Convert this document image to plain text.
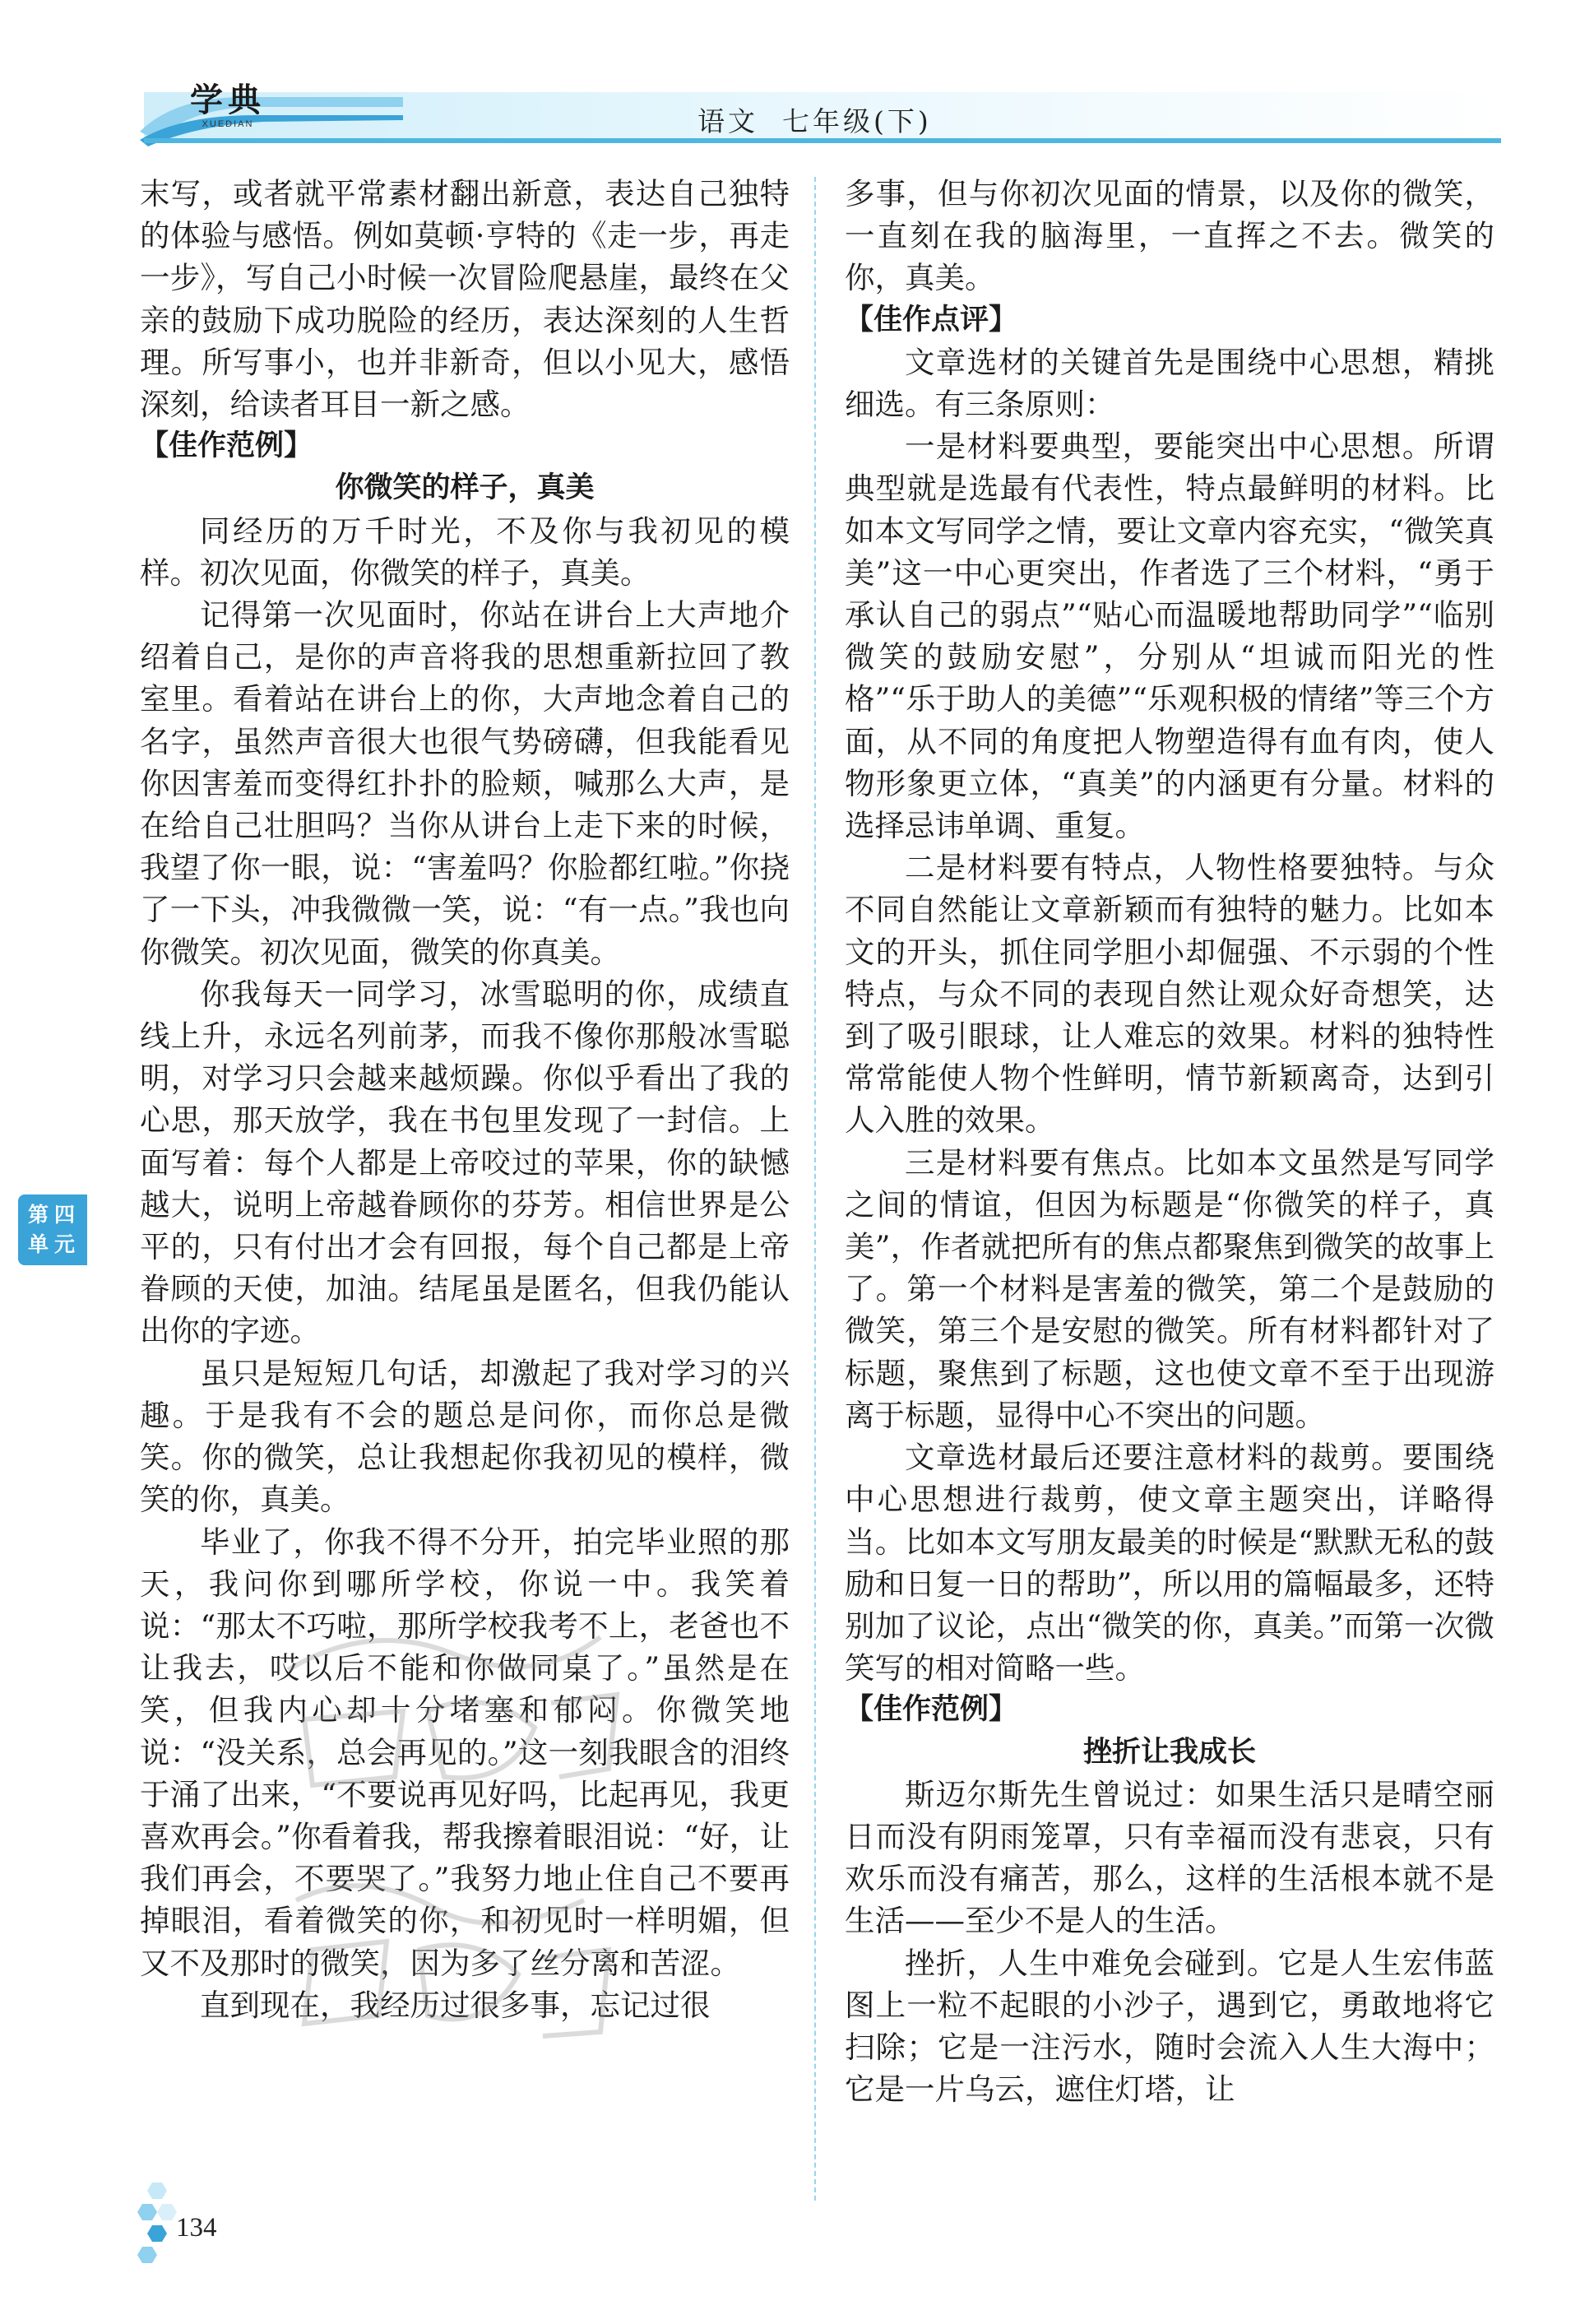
学典
XUEDIAN	语文  七年级(下)

末写，或者就平常素材翻出新意，表达自己独特的体验与感悟。例如莫顿·亨特的《走一步，再走一步》，写自己小时候一次冒险爬悬崖，最终在父亲的鼓励下成功脱险的经历，表达深刻的人生哲理。所写事小，也并非新奇，但以小见大，感悟深刻，给读者耳目一新之感。

【佳作范例】

你微笑的样子，真美

同经历的万千时光，不及你与我初见的模样。初次见面，你微笑的样子，真美。

记得第一次见面时，你站在讲台上大声地介绍着自己，是你的声音将我的思想重新拉回了教室里。看着站在讲台上的你，大声地念着自己的名字，虽然声音很大也很气势磅礴，但我能看见你因害羞而变得红扑扑的脸颊，喊那么大声，是在给自己壮胆吗？当你从讲台上走下来的时候，我望了你一眼，说：“害羞吗？你脸都红啦。”你挠了一下头，冲我微微一笑，说：“有一点。”我也向你微笑。初次见面，微笑的你真美。

你我每天一同学习，冰雪聪明的你，成绩直线上升，永远名列前茅，而我不像你那般冰雪聪明，对学习只会越来越烦躁。你似乎看出了我的心思，那天放学，我在书包里发现了一封信。上面写着：每个人都是上帝咬过的苹果，你的缺憾越大，说明上帝越眷顾你的芬芳。相信世界是公平的，只有付出才会有回报，每个自己都是上帝眷顾的天使，加油。结尾虽是匿名，但我仍能认出你的字迹。

虽只是短短几句话，却激起了我对学习的兴趣。于是我有不会的题总是问你，而你总是微笑。你的微笑，总让我想起你我初见的模样，微笑的你，真美。

毕业了，你我不得不分开，拍完毕业照的那天，我问你到哪所学校，你说一中。我笑着说：“那太不巧啦，那所学校我考不上，老爸也不让我去，哎以后不能和你做同桌了。”虽然是在笑，但我内心却十分堵塞和郁闷。你微笑地说：“没关系，总会再见的。”这一刻我眼含的泪终于涌了出来，“不要说再见好吗，比起再见，我更喜欢再会。”你看着我，帮我擦着眼泪说：“好，让我们再会，不要哭了。”我努力地止住自己不要再掉眼泪，看着微笑的你，和初见时一样明媚，但又不及那时的微笑，因为多了丝分离和苦涩。

直到现在，我经历过很多事，忘记过很

多事，但与你初次见面的情景，以及你的微笑，一直刻在我的脑海里，一直挥之不去。微笑的你，真美。

【佳作点评】

文章选材的关键首先是围绕中心思想，精挑细选。有三条原则：

一是材料要典型，要能突出中心思想。所谓典型就是选最有代表性，特点最鲜明的材料。比如本文写同学之情，要让文章内容充实，“微笑真美”这一中心更突出，作者选了三个材料，“勇于承认自己的弱点”“贴心而温暖地帮助同学”“临别微笑的鼓励安慰”，分别从“坦诚而阳光的性格”“乐于助人的美德”“乐观积极的情绪”等三个方面，从不同的角度把人物塑造得有血有肉，使人物形象更立体，“真美”的内涵更有分量。材料的选择忌讳单调、重复。

二是材料要有特点，人物性格要独特。与众不同自然能让文章新颖而有独特的魅力。比如本文的开头，抓住同学胆小却倔强、不示弱的个性特点，与众不同的表现自然让观众好奇想笑，达到了吸引眼球，让人难忘的效果。材料的独特性常常能使人物个性鲜明，情节新颖离奇，达到引人入胜的效果。

三是材料要有焦点。比如本文虽然是写同学之间的情谊，但因为标题是“你微笑的样子，真美”，作者就把所有的焦点都聚焦到微笑的故事上了。第一个材料是害羞的微笑，第二个是鼓励的微笑，第三个是安慰的微笑。所有材料都针对了标题，聚焦到了标题，这也使文章不至于出现游离于标题，显得中心不突出的问题。

文章选材最后还要注意材料的裁剪。要围绕中心思想进行裁剪，使文章主题突出，详略得当。比如本文写朋友最美的时候是“默默无私的鼓励和日复一日的帮助”，所以用的篇幅最多，还特别加了议论，点出“微笑的你，真美。”而第一次微笑写的相对简略一些。

【佳作范例】

挫折让我成长

斯迈尔斯先生曾说过：如果生活只是晴空丽日而没有阴雨笼罩，只有幸福而没有悲哀，只有欢乐而没有痛苦，那么，这样的生活根本就不是生活——至少不是人的生活。

挫折，人生中难免会碰到。它是人生宏伟蓝图上一粒不起眼的小沙子，遇到它，勇敢地将它扫除；它是一注污水，随时会流入人生大海中；它是一片乌云，遮住灯塔，让

第 四
单 元
134
